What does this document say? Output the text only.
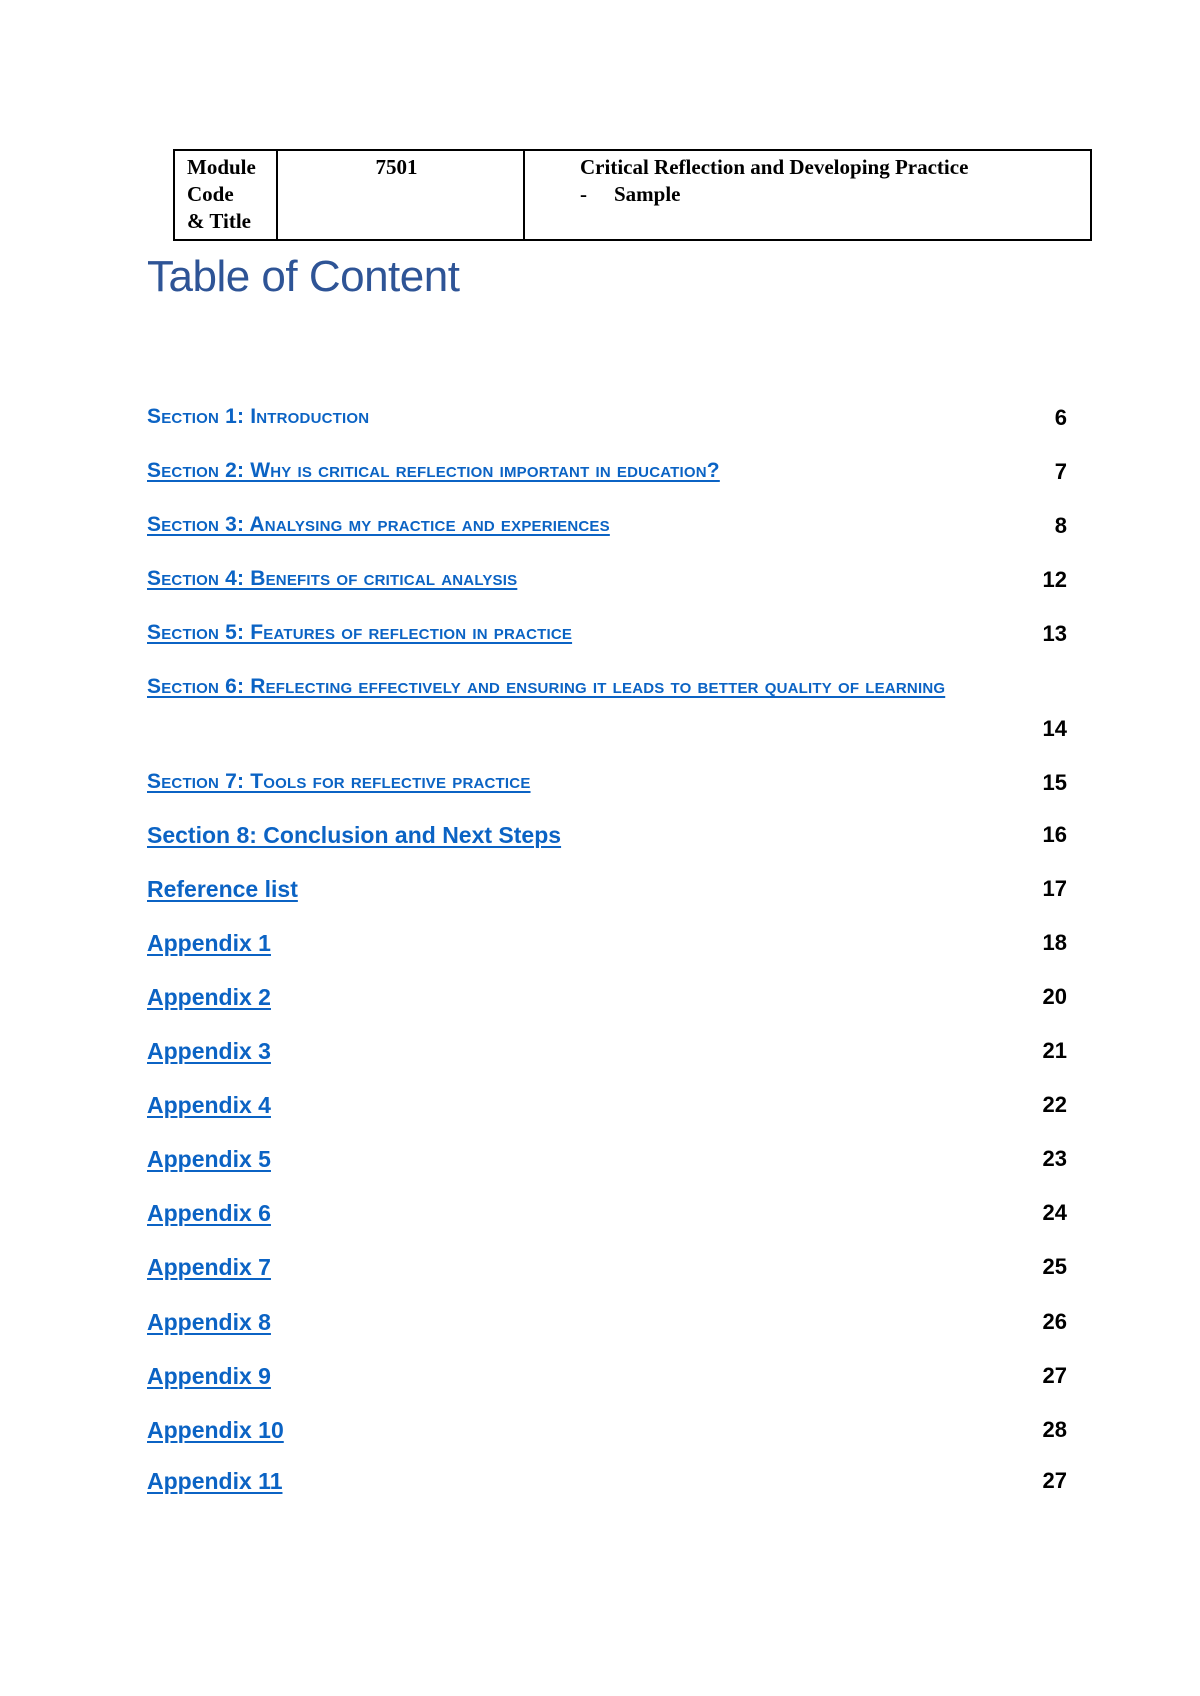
Module
Code
& Title	7501	Critical Reflection and Developing Practice
- Sample
Table of Content
Section 1: Introduction	6
Section 2: Why is critical reflection important in education?	7
Section 3: Analysing my practice and experiences	8
Section 4: Benefits of critical analysis	12
Section 5: Features of reflection in practice	13
Section 6: Reflecting effectively and ensuring it leads to better quality of learning
14
Section 7: Tools for reflective practice	15
Section 8: Conclusion and Next Steps	16
Reference list	17
Appendix 1	18
Appendix 2	20
Appendix 3	21
Appendix 4	22
Appendix 5	23
Appendix 6	24
Appendix 7	25
Appendix 8	26
Appendix 9	27
Appendix 10	28
Appendix 11	27
